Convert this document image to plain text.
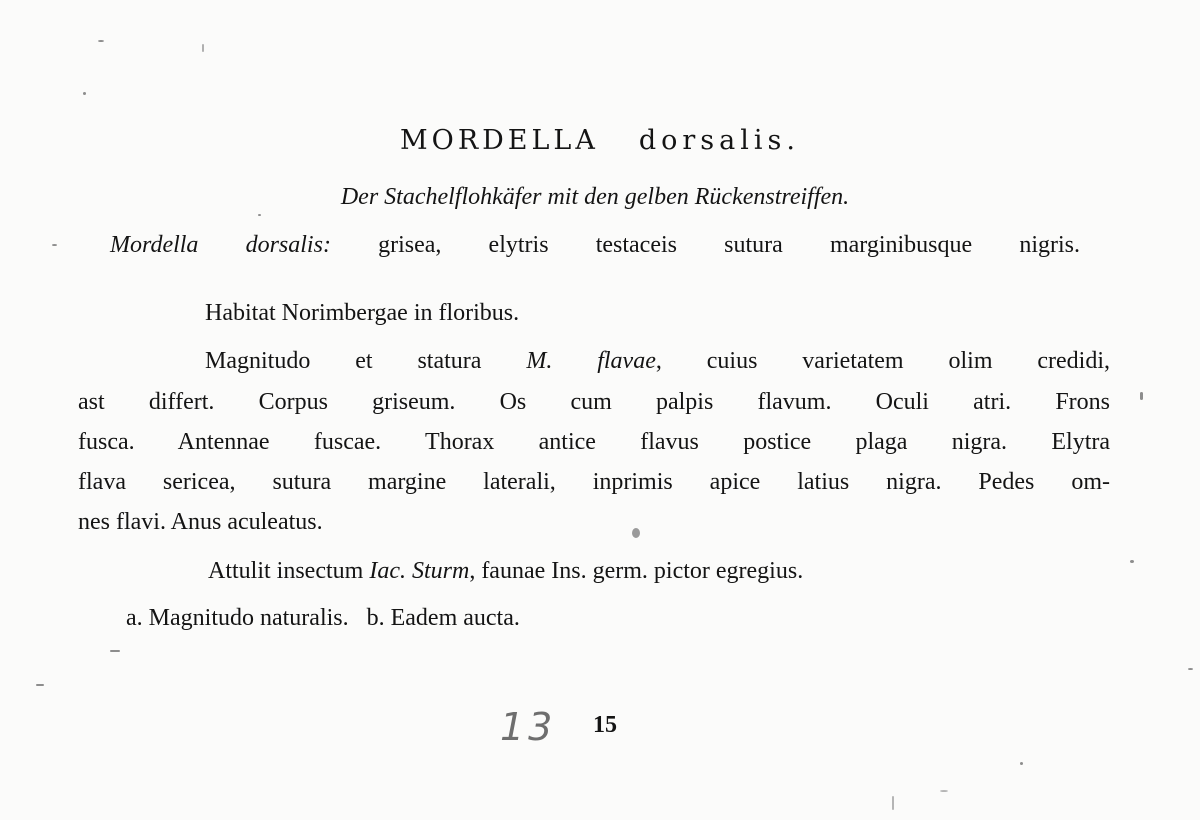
MORDELLA dorsalis.
Der Stachelflohkäfer mit den gelben Rückenstreiffen.
Mordella dorsalis: grisea, elytris testaceis sutura marginibusque nigris.
Habitat Norimbergae in floribus.
Magnitudo et statura M. flavae, cuius varietatem olim credidi,
ast differt. Corpus griseum. Os cum palpis flavum. Oculi atri. Frons
fusca. Antennae fuscae. Thorax antice flavus postice plaga nigra. Elytra
flava sericea, sutura margine laterali, inprimis apice latius nigra. Pedes om-
nes flavi. Anus aculeatus.
Attulit insectum Iac. Sturm, faunae Ins. germ. pictor egregius.
a. Magnitudo naturalis.   b. Eadem aucta.
13 15
